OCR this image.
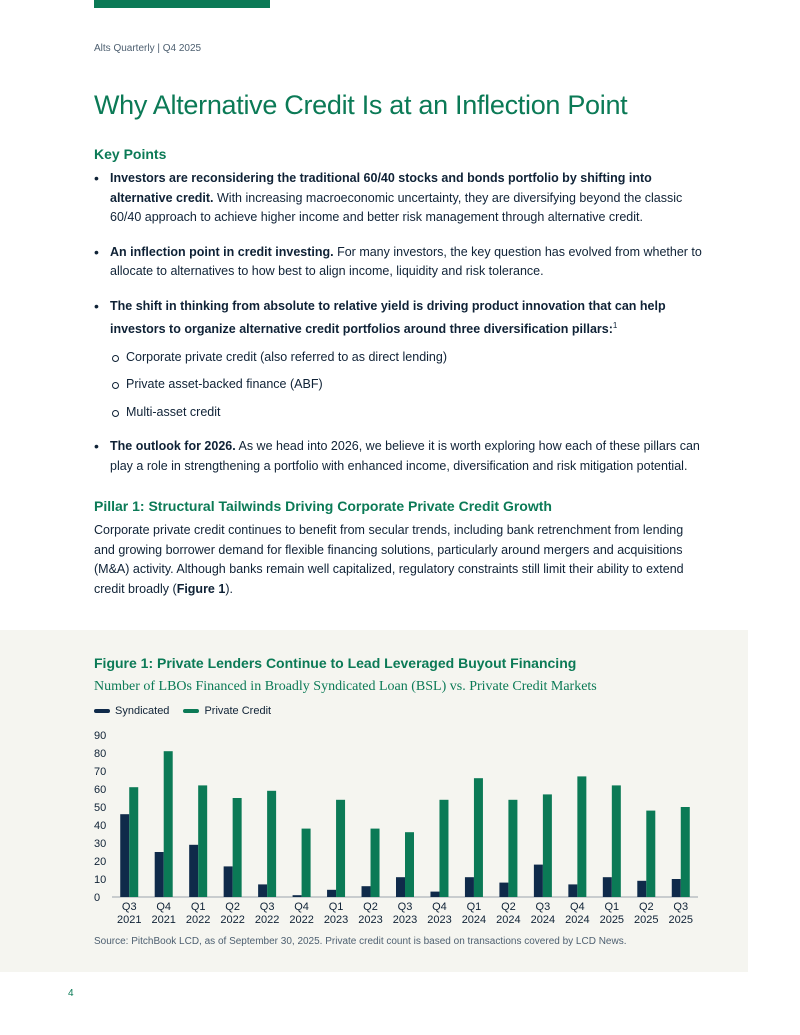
Alts Quarterly | Q4 2025
Why Alternative Credit Is at an Inflection Point
Key Points
• Investors are reconsidering the traditional 60/40 stocks and bonds portfolio by shifting into alternative credit. With increasing macroeconomic uncertainty, they are diversifying beyond the classic 60/40 approach to achieve higher income and better risk management through alternative credit.
• An inflection point in credit investing. For many investors, the key question has evolved from whether to allocate to alternatives to how best to align income, liquidity and risk tolerance.
• The shift in thinking from absolute to relative yield is driving product innovation that can help investors to organize alternative credit portfolios around three diversification pillars:$^1$
Corporate private credit (also referred to as direct lending)
Private asset-backed finance (ABF)
Multi-asset credit
• The outlook for 2026. As we head into 2026, we believe it is worth exploring how each of these pillars can play a role in strengthening a portfolio with enhanced income, diversification and risk mitigation potential.
Pillar 1: Structural Tailwinds Driving Corporate Private Credit Growth
Corporate private credit continues to benefit from secular trends, including bank retrenchment from lending and growing borrower demand for flexible financing solutions, particularly around mergers and acquisitions (M&A) activity. Although banks remain well capitalized, regulatory constraints still limit their ability to extend credit broadly (Figure 1).
Figure 1: Private Lenders Continue to Lead Leveraged Buyout Financing
Number of LBOs Financed in Broadly Syndicated Loan (BSL) vs. Private Credit Markets
Syndicated	Private Credit
0
10
20
30
40
50
60
70
80
90
Q3
2021
Q4
2021
Q1
2022
Q2
2022
Q3
2022
Q4
2022
Q1
2023
Q2
2023
Q3
2023
Q4
2023
Q1
2024
Q2
2024
Q3
2024
Q4
2024
Q1
2025
Q2
2025
Q3
2025
Source: PitchBook LCD, as of September 30, 2025. Private credit count is based on transactions covered by LCD News.
4
